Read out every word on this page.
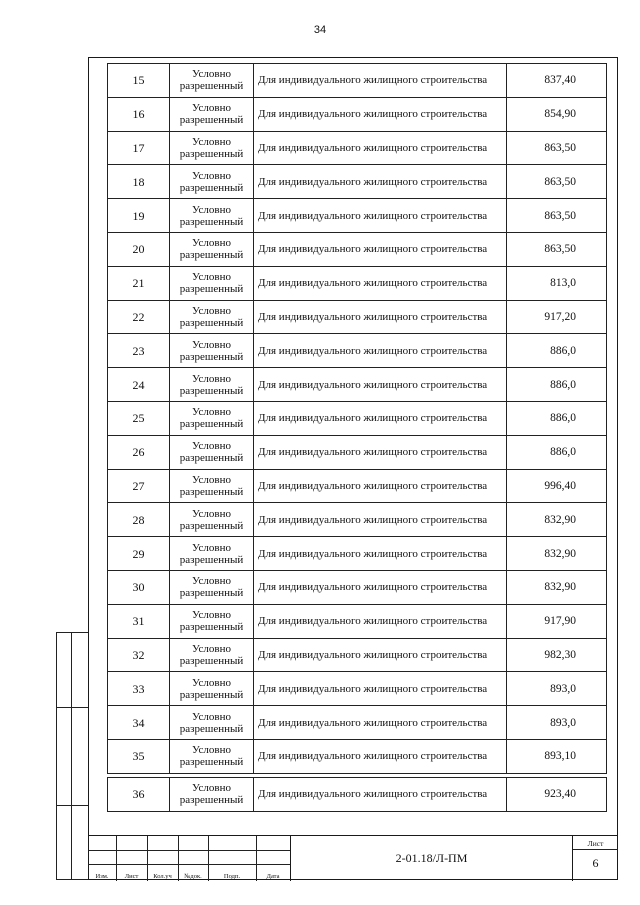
34
15	Условно разрешенный	Для индивидуального жилищного строительства	837,40
16	Условно разрешенный	Для индивидуального жилищного строительства	854,90
17	Условно разрешенный	Для индивидуального жилищного строительства	863,50
18	Условно разрешенный	Для индивидуального жилищного строительства	863,50
19	Условно разрешенный	Для индивидуального жилищного строительства	863,50
20	Условно разрешенный	Для индивидуального жилищного строительства	863,50
21	Условно разрешенный	Для индивидуального жилищного строительства	813,0
22	Условно разрешенный	Для индивидуального жилищного строительства	917,20
23	Условно разрешенный	Для индивидуального жилищного строительства	886,0
24	Условно разрешенный	Для индивидуального жилищного строительства	886,0
25	Условно разрешенный	Для индивидуального жилищного строительства	886,0
26	Условно разрешенный	Для индивидуального жилищного строительства	886,0
27	Условно разрешенный	Для индивидуального жилищного строительства	996,40
28	Условно разрешенный	Для индивидуального жилищного строительства	832,90
29	Условно разрешенный	Для индивидуального жилищного строительства	832,90
30	Условно разрешенный	Для индивидуального жилищного строительства	832,90
31	Условно разрешенный	Для индивидуального жилищного строительства	917,90
32	Условно разрешенный	Для индивидуального жилищного строительства	982,30
33	Условно разрешенный	Для индивидуального жилищного строительства	893,0
34	Условно разрешенный	Для индивидуального жилищного строительства	893,0
35	Условно разрешенный	Для индивидуального жилищного строительства	893,10

36	Условно разрешенный	Для индивидуального жилищного строительства	923,40
Изм.	Лист	Кол.уч	№док.	Подп.	Дата
2-01.18/Л-ПМ
Лист
6
